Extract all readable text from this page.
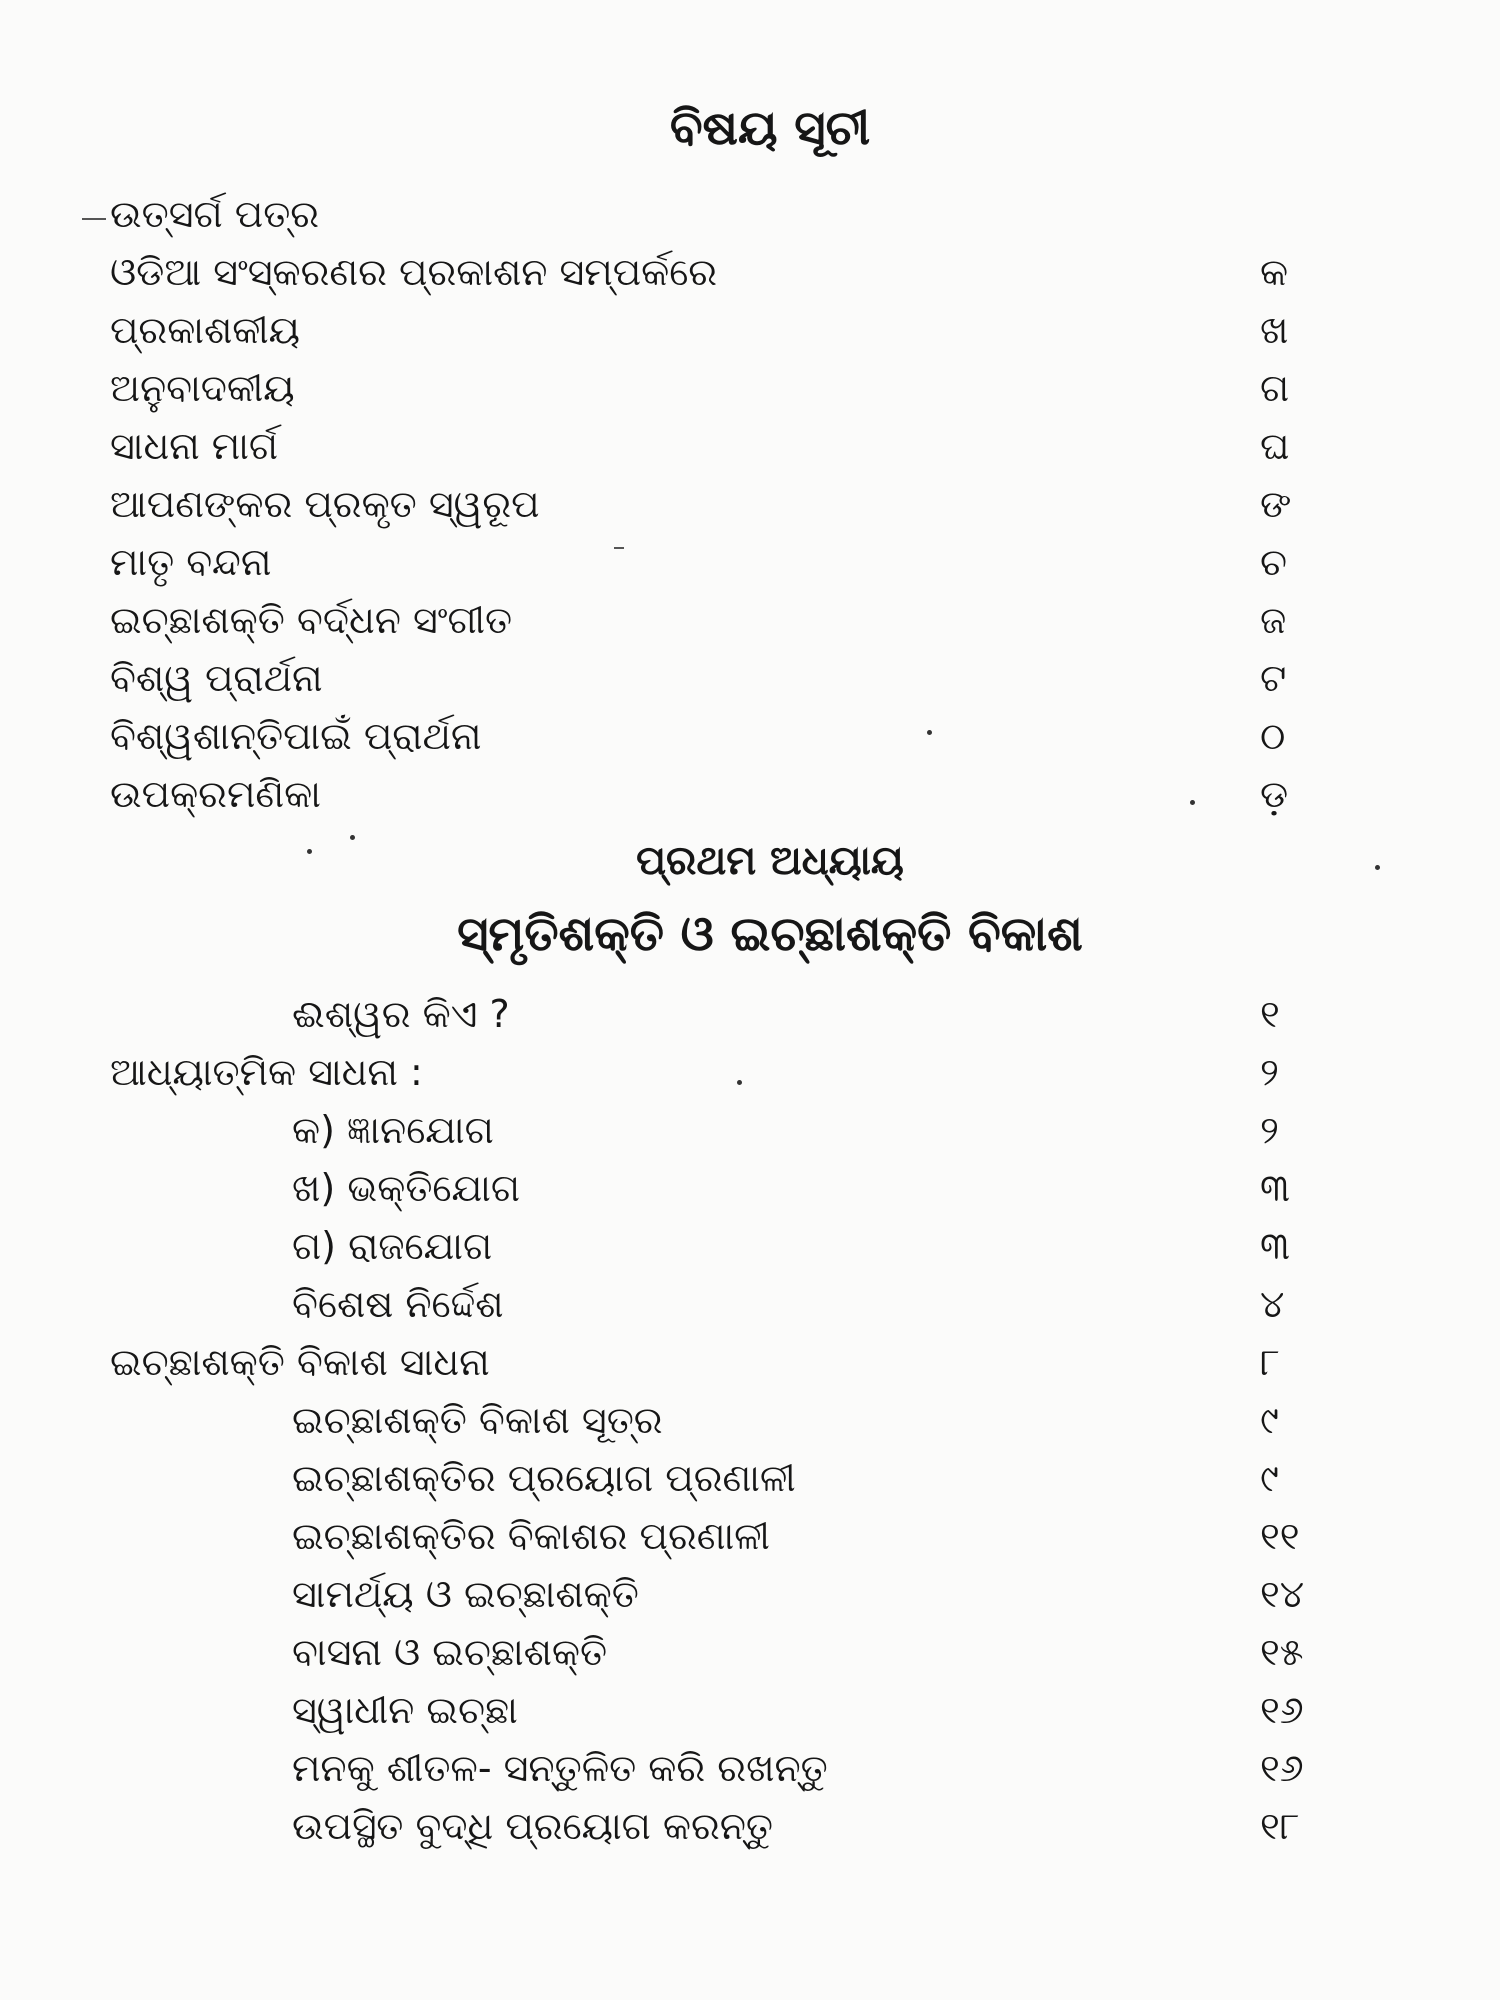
ବିଷୟ ସୂଚୀ
ଉତ୍ସର୍ଗ ପତ୍ର
ଓଡିଆ ସଂସ୍କରଣର ପ୍ରକାଶନ ସମ୍ପର୍କରେ	କ
ପ୍ରକାଶକୀୟ	ଖ
ଅନୁବାଦକୀୟ	ଗ
ସାଧନା ମାର୍ଗ	ଘ
ଆପଣଙ୍କର ପ୍ରକୃତ ସ୍ୱରୂପ	ଙ
ମାତୃ ବନ୍ଦନା	ଚ
ଇଚ୍ଛାଶକ୍ତି ବର୍ଦ୍ଧନ ସଂଗୀତ	ଜ
ବିଶ୍ୱ ପ୍ରାର୍ଥନା	ଟ
ବିଶ୍ୱଶାନ୍ତିପାଇଁ ପ୍ରାର୍ଥନା	ଠ
ଉପକ୍ରମଣିକା	ଡ଼
ପ୍ରଥମ ଅଧ୍ୟାୟ
ସ୍ମୃତିଶକ୍ତି ଓ ଇଚ୍ଛାଶକ୍ତି ବିକାଶ
ଈଶ୍ୱର କିଏ ?	୧
ଆଧ୍ୟାତ୍ମିକ ସାଧନା :	୨
କ) ଜ୍ଞାନଯୋଗ	୨
ଖ) ଭକ୍ତିଯୋଗ	୩
ଗ) ରାଜଯୋଗ	୩
ବିଶେଷ ନିର୍ଦ୍ଦେଶ	୪
ଇଚ୍ଛାଶକ୍ତି ବିକାଶ ସାଧନା	୮
ଇଚ୍ଛାଶକ୍ତି ବିକାଶ ସୂତ୍ର	୯
ଇଚ୍ଛାଶକ୍ତିର ପ୍ରୟୋଗ ପ୍ରଣାଳୀ	୯
ଇଚ୍ଛାଶକ୍ତିର ବିକାଶର ପ୍ରଣାଳୀ	୧୧
ସାମର୍ଥ୍ୟ ଓ ଇଚ୍ଛାଶକ୍ତି	୧୪
ବାସନା ଓ ଇଚ୍ଛାଶକ୍ତି	୧୫
ସ୍ୱାଧୀନ ଇଚ୍ଛା	୧୬
ମନକୁ ଶୀତଳ- ସନ୍ତୁଳିତ କରି ରଖନ୍ତୁ	୧୬
ଉପସ୍ଥିତ ବୁଦ୍ଧି ପ୍ରୟୋଗ କରନ୍ତୁ	୧୮
